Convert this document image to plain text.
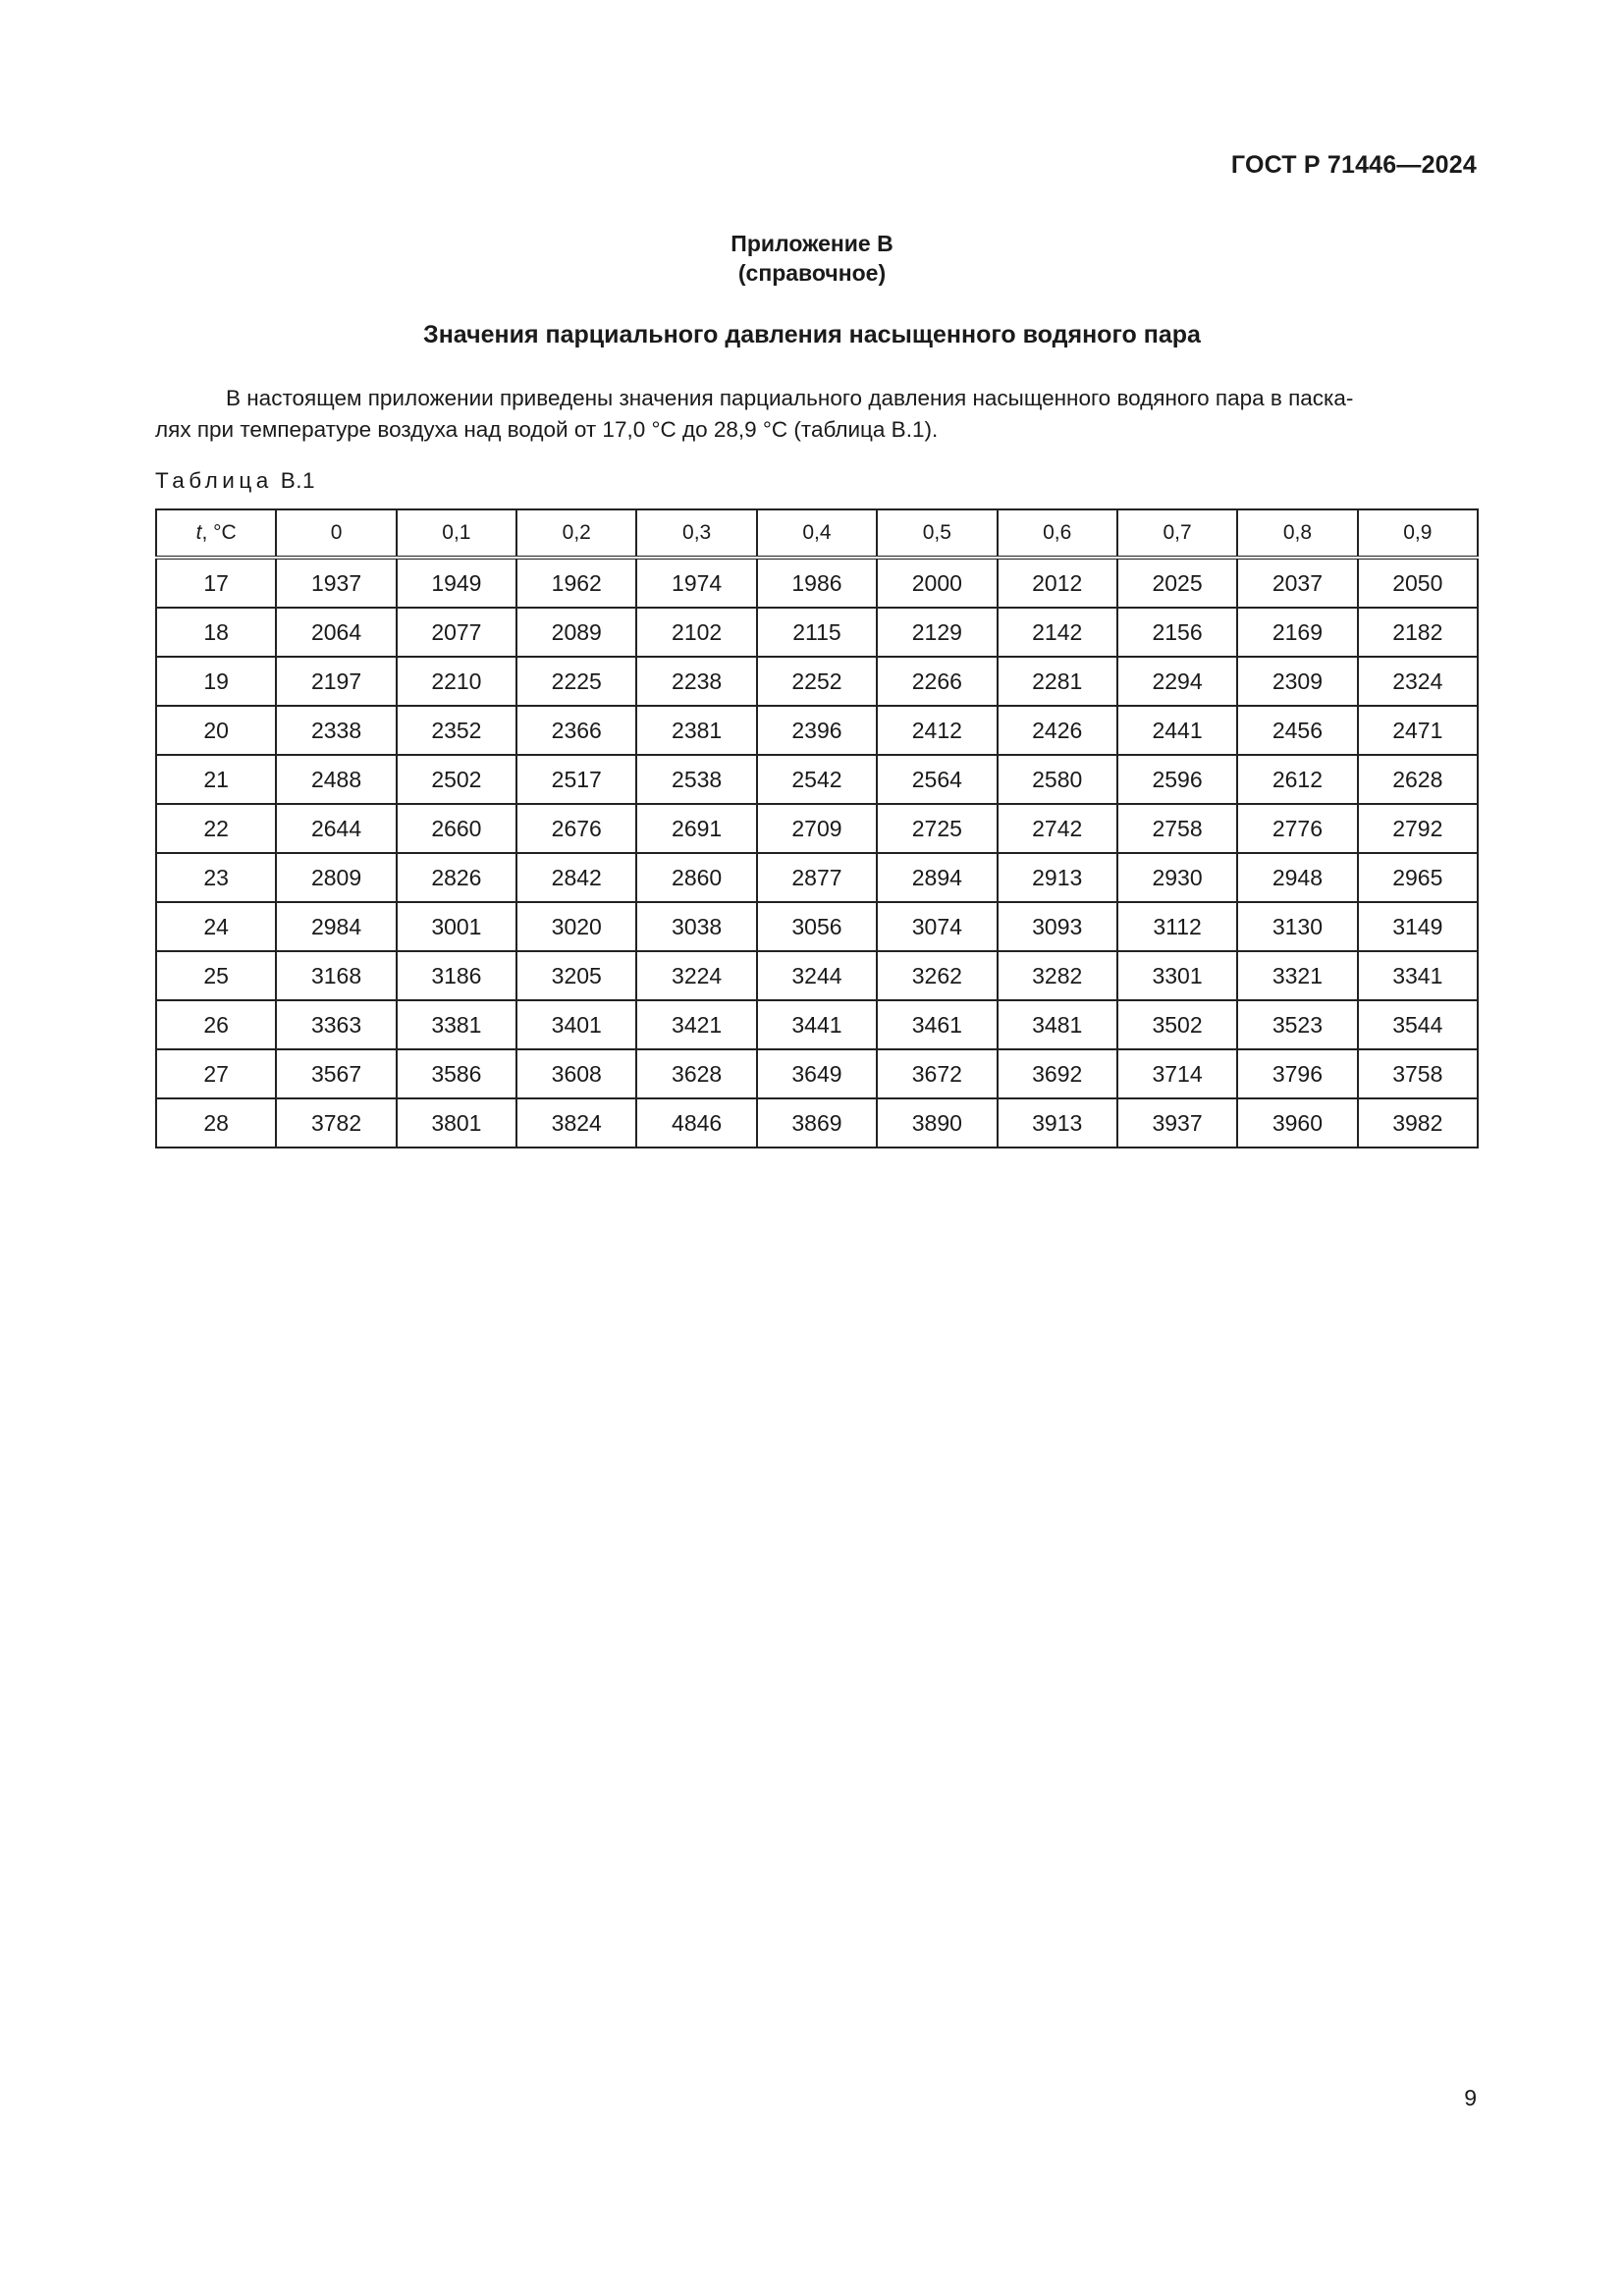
ГОСТ Р 71446—2024
Приложение В
(справочное)
Значения парциального давления насыщенного водяного пара
В настоящем приложении приведены значения парциального давления насыщенного водяного пара в паска-
лях при температуре воздуха над водой от 17,0 °С до 28,9 °С (таблица В.1).
Таблица В.1
t, °С	0	0,1	0,2	0,3	0,4	0,5	0,6	0,7	0,8	0,9
17	1937	1949	1962	1974	1986	2000	2012	2025	2037	2050
18	2064	2077	2089	2102	2115	2129	2142	2156	2169	2182
19	2197	2210	2225	2238	2252	2266	2281	2294	2309	2324
20	2338	2352	2366	2381	2396	2412	2426	2441	2456	2471
21	2488	2502	2517	2538	2542	2564	2580	2596	2612	2628
22	2644	2660	2676	2691	2709	2725	2742	2758	2776	2792
23	2809	2826	2842	2860	2877	2894	2913	2930	2948	2965
24	2984	3001	3020	3038	3056	3074	3093	3112	3130	3149
25	3168	3186	3205	3224	3244	3262	3282	3301	3321	3341
26	3363	3381	3401	3421	3441	3461	3481	3502	3523	3544
27	3567	3586	3608	3628	3649	3672	3692	3714	3796	3758
28	3782	3801	3824	4846	3869	3890	3913	3937	3960	3982
9
